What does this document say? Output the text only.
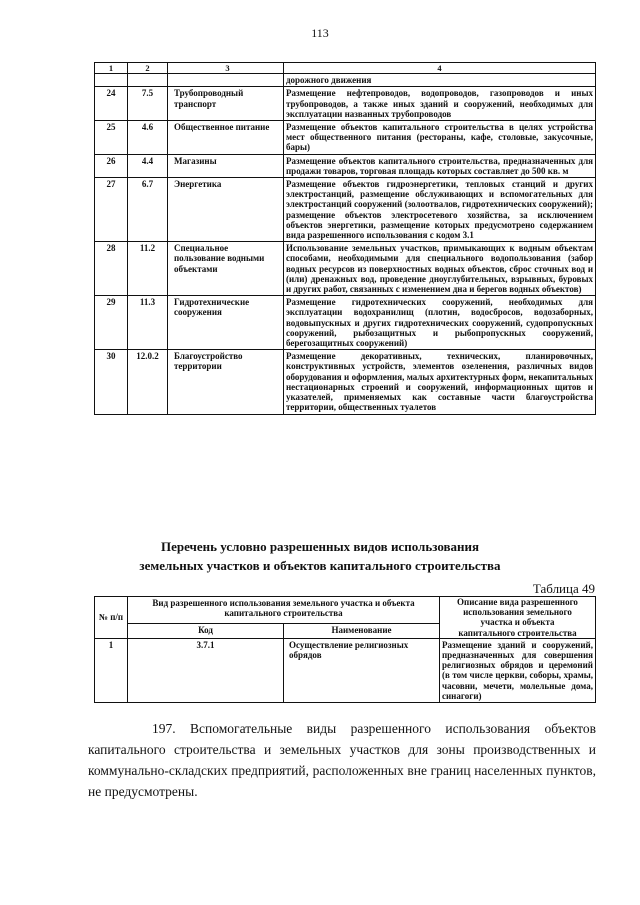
113
1	2	3	4
			дорожного движения
24	7.5	Трубопроводный транспорт	Размещение нефтепроводов, водопроводов, газопроводов и иных трубопроводов, а также иных зданий и сооружений, необходимых для эксплуатации названных трубопроводов
25	4.6	Общественное питание	Размещение объектов капитального строительства в целях устройства мест общественного питания (рестораны, кафе, столовые, закусочные, бары)
26	4.4	Магазины	Размещение объектов капитального строительства, предназначенных для продажи товаров, торговая площадь которых составляет до 500 кв. м
27	6.7	Энергетика	Размещение объектов гидроэнергетики, тепловых станций и других электростанций, размещение обслуживающих и вспомогательных для электростанций сооружений (золоотвалов, гидротехнических сооружений); размещение объектов электросетевого хозяйства, за исключением объектов энергетики, размещение которых предусмотрено содержанием вида разрешенного использования с кодом 3.1
28	11.2	Специальное пользование водными объектами	Использование земельных участков, примыкающих к водным объектам способами, необходимыми для специального водопользования (забор водных ресурсов из поверхностных водных объектов, сброс сточных вод и (или) дренажных вод, проведение дноуглубительных, взрывных, буровых и других работ, связанных с изменением дна и берегов водных объектов)
29	11.3	Гидротехнические сооружения	Размещение гидротехнических сооружений, необходимых для эксплуатации водохранилищ (плотин, водосбросов, водозаборных, водовыпускных и других гидротехнических сооружений, судопропускных сооружений, рыбозащитных и рыбопропускных сооружений, берегозащитных сооружений)
30	12.0.2	Благоустройство территории	Размещение декоративных, технических, планировочных, конструктивных устройств, элементов озеленения, различных видов оборудования и оформления, малых архитектурных форм, некапитальных нестационарных строений и сооружений, информационных щитов и указателей, применяемых как составные части благоустройства территории, общественных туалетов
Перечень условно разрешенных видов использования
земельных участков и объектов капитального строительства
Таблица 49
№ п/п	Вид разрешенного использования земельного участка и объекта капитального строительства		Описание вида разрешенного использования земельного участка и объекта капитального строительства
	Код	Наименование	
1	3.7.1	Осуществление религиозных обрядов	Размещение зданий и сооружений, предназначенных для совершения религиозных обрядов и церемоний (в том числе церкви, соборы, храмы, часовни, мечети, молельные дома, синагоги)
197. Вспомогательные виды разрешенного использования объектов капитального строительства и земельных участков для зоны производственных и коммунально-складских предприятий, расположенных вне границ населенных пунктов, не предусмотрены.
